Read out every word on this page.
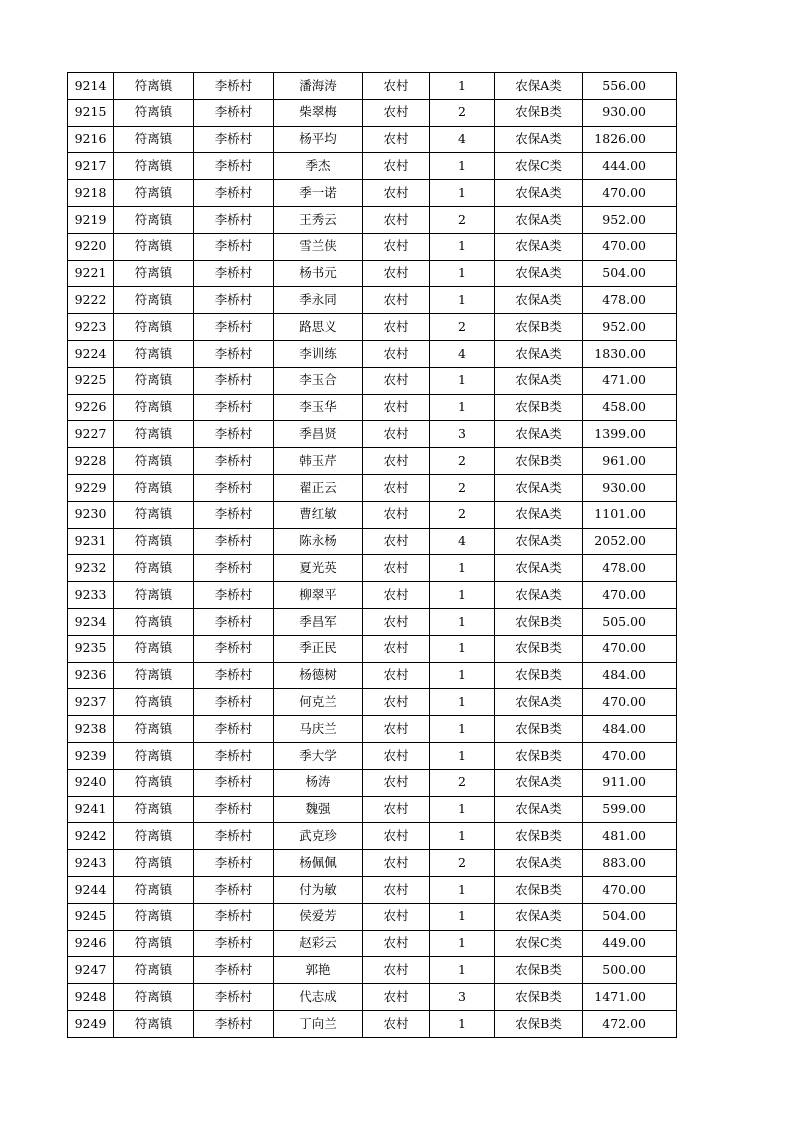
9214	符离镇	李桥村	潘海涛	农村	1	农保A类	556.00
9215	符离镇	李桥村	柴翠梅	农村	2	农保B类	930.00
9216	符离镇	李桥村	杨平均	农村	4	农保A类	1826.00
9217	符离镇	李桥村	季杰	农村	1	农保C类	444.00
9218	符离镇	李桥村	季一诺	农村	1	农保A类	470.00
9219	符离镇	李桥村	王秀云	农村	2	农保A类	952.00
9220	符离镇	李桥村	雪兰侠	农村	1	农保A类	470.00
9221	符离镇	李桥村	杨书元	农村	1	农保A类	504.00
9222	符离镇	李桥村	季永同	农村	1	农保A类	478.00
9223	符离镇	李桥村	路思义	农村	2	农保B类	952.00
9224	符离镇	李桥村	李训练	农村	4	农保A类	1830.00
9225	符离镇	李桥村	李玉合	农村	1	农保A类	471.00
9226	符离镇	李桥村	李玉华	农村	1	农保B类	458.00
9227	符离镇	李桥村	季昌贤	农村	3	农保A类	1399.00
9228	符离镇	李桥村	韩玉芹	农村	2	农保B类	961.00
9229	符离镇	李桥村	翟正云	农村	2	农保A类	930.00
9230	符离镇	李桥村	曹红敏	农村	2	农保A类	1101.00
9231	符离镇	李桥村	陈永杨	农村	4	农保A类	2052.00
9232	符离镇	李桥村	夏光英	农村	1	农保A类	478.00
9233	符离镇	李桥村	柳翠平	农村	1	农保A类	470.00
9234	符离镇	李桥村	季昌军	农村	1	农保B类	505.00
9235	符离镇	李桥村	季正民	农村	1	农保B类	470.00
9236	符离镇	李桥村	杨德树	农村	1	农保B类	484.00
9237	符离镇	李桥村	何克兰	农村	1	农保A类	470.00
9238	符离镇	李桥村	马庆兰	农村	1	农保B类	484.00
9239	符离镇	李桥村	季大学	农村	1	农保B类	470.00
9240	符离镇	李桥村	杨涛	农村	2	农保A类	911.00
9241	符离镇	李桥村	魏强	农村	1	农保A类	599.00
9242	符离镇	李桥村	武克珍	农村	1	农保B类	481.00
9243	符离镇	李桥村	杨佩佩	农村	2	农保A类	883.00
9244	符离镇	李桥村	付为敏	农村	1	农保B类	470.00
9245	符离镇	李桥村	侯爱芳	农村	1	农保A类	504.00
9246	符离镇	李桥村	赵彩云	农村	1	农保C类	449.00
9247	符离镇	李桥村	郭艳	农村	1	农保B类	500.00
9248	符离镇	李桥村	代志成	农村	3	农保B类	1471.00
9249	符离镇	李桥村	丁向兰	农村	1	农保B类	472.00
